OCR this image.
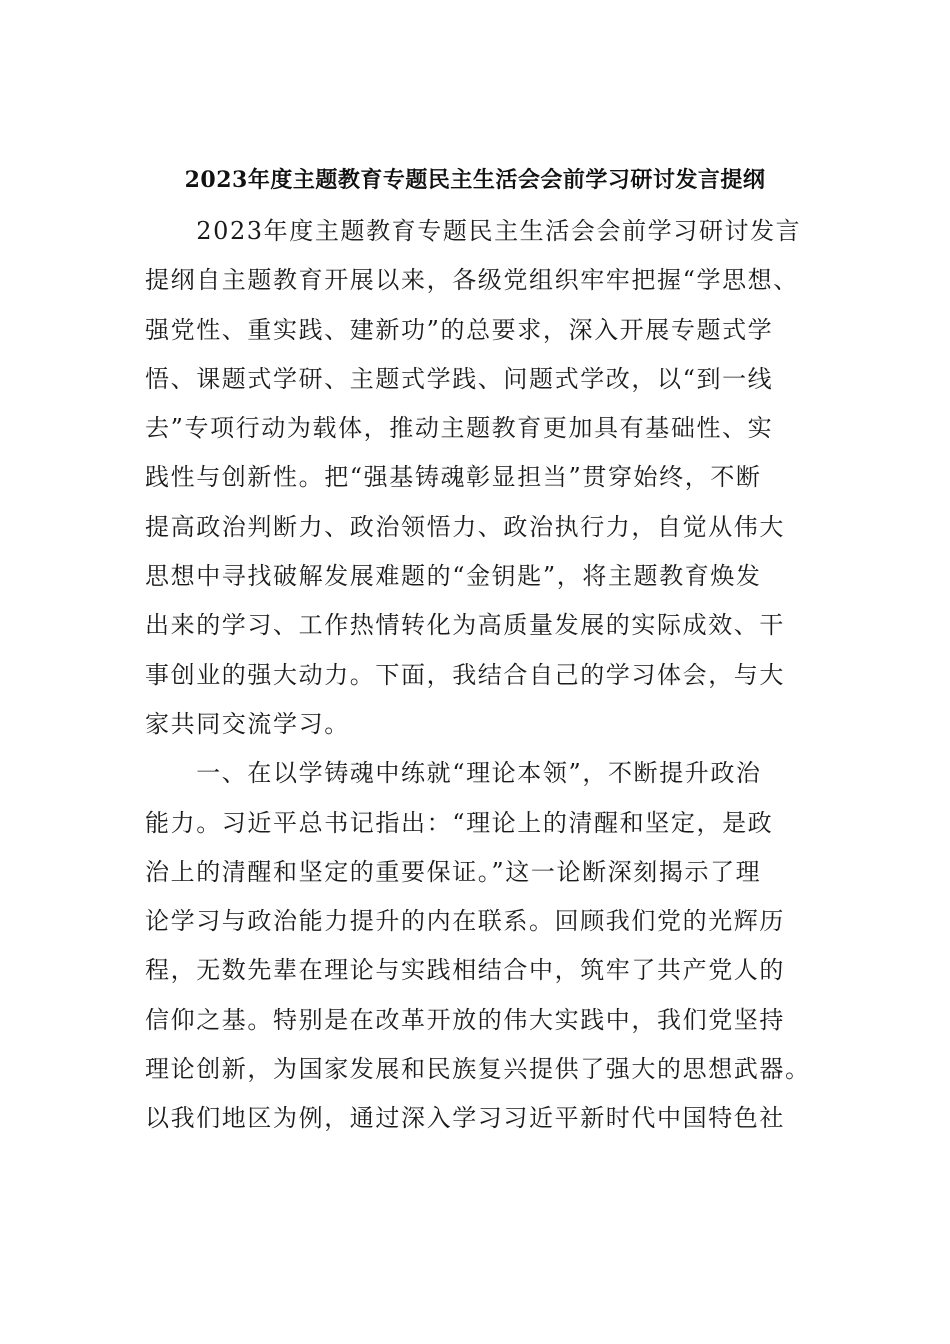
2023年度主题教育专题民主生活会会前学习研讨发言提纲
　　2023年度主题教育专题民主生活会会前学习研讨发言
提纲自主题教育开展以来，各级党组织牢牢把握“学思想、
强党性、重实践、建新功”的总要求，深入开展专题式学
悟、课题式学研、主题式学践、问题式学改，以“到一线
去”专项行动为载体，推动主题教育更加具有基础性、实
践性与创新性。把“强基铸魂彰显担当”贯穿始终，不断
提高政治判断力、政治领悟力、政治执行力，自觉从伟大
思想中寻找破解发展难题的“金钥匙”，将主题教育焕发
出来的学习、工作热情转化为高质量发展的实际成效、干
事创业的强大动力。下面，我结合自己的学习体会，与大
家共同交流学习。
　　一、在以学铸魂中练就“理论本领”，不断提升政治
能力。习近平总书记指出：“理论上的清醒和坚定，是政
治上的清醒和坚定的重要保证。”这一论断深刻揭示了理
论学习与政治能力提升的内在联系。回顾我们党的光辉历
程，无数先辈在理论与实践相结合中，筑牢了共产党人的
信仰之基。特别是在改革开放的伟大实践中，我们党坚持
理论创新，为国家发展和民族复兴提供了强大的思想武器。
以我们地区为例，通过深入学习习近平新时代中国特色社
